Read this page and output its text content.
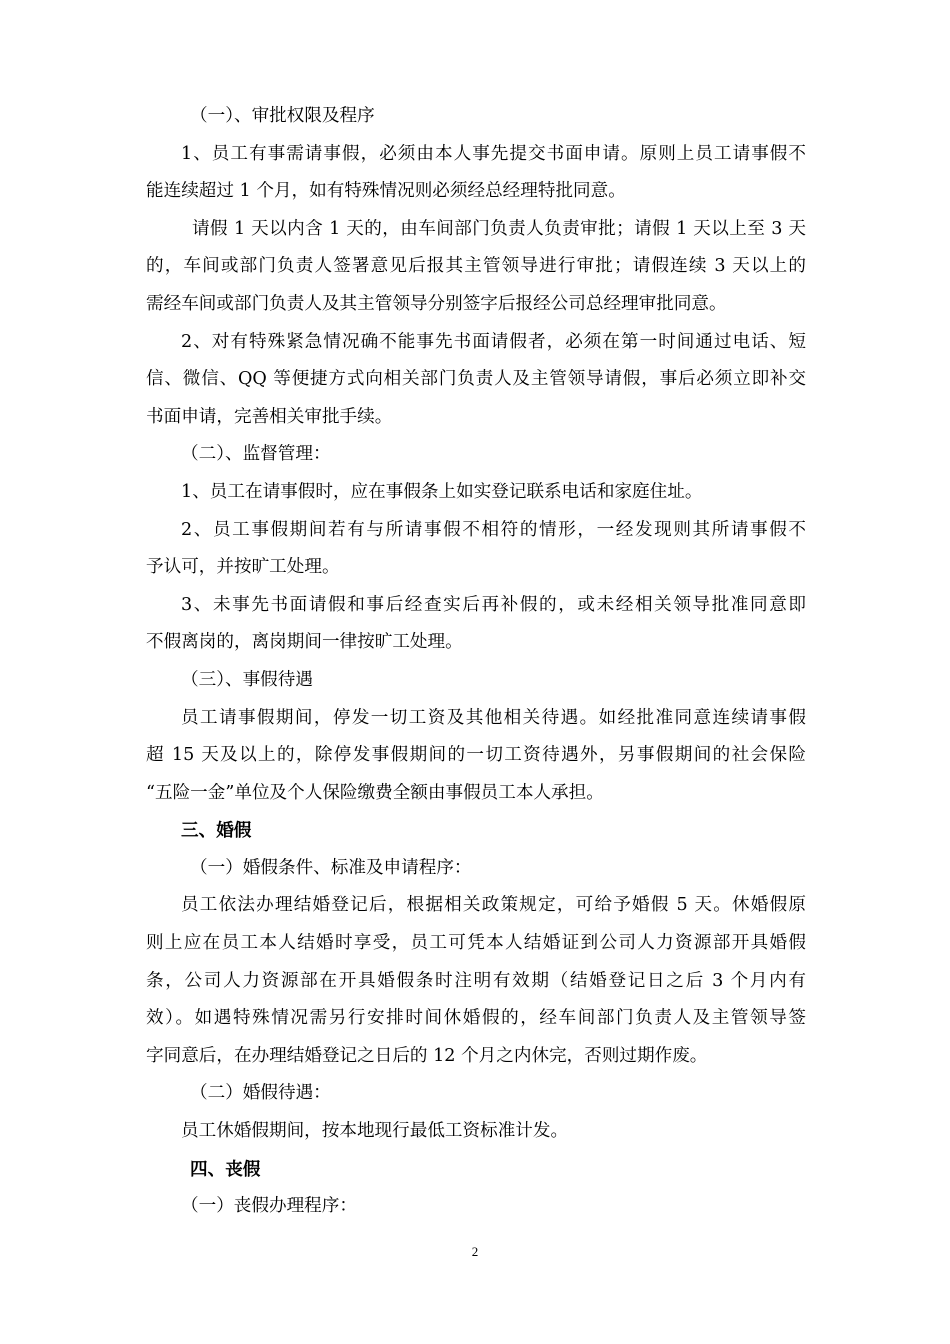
（一）、审批权限及程序
1、员工有事需请事假，必须由本人事先提交书面申请。原则上员工请事假不
能连续超过 1 个月，如有特殊情况则必须经总经理特批同意。
请假 1 天以内含 1 天的，由车间部门负责人负责审批；请假 1 天以上至 3 天
的，车间或部门负责人签署意见后报其主管领导进行审批；请假连续 3 天以上的
需经车间或部门负责人及其主管领导分别签字后报经公司总经理审批同意。
2、对有特殊紧急情况确不能事先书面请假者，必须在第一时间通过电话、短
信、微信、QQ 等便捷方式向相关部门负责人及主管领导请假，事后必须立即补交
书面申请，完善相关审批手续。
（二）、监督管理：
1、员工在请事假时，应在事假条上如实登记联系电话和家庭住址。
2、员工事假期间若有与所请事假不相符的情形，一经发现则其所请事假不
予认可，并按旷工处理。
3、未事先书面请假和事后经查实后再补假的，或未经相关领导批准同意即
不假离岗的，离岗期间一律按旷工处理。
（三）、事假待遇
员工请事假期间，停发一切工资及其他相关待遇。如经批准同意连续请事假
超 15 天及以上的，除停发事假期间的一切工资待遇外，另事假期间的社会保险
“五险一金”单位及个人保险缴费全额由事假员工本人承担。
三、婚假
（一）婚假条件、标准及申请程序：
员工依法办理结婚登记后，根据相关政策规定，可给予婚假 5 天。休婚假原
则上应在员工本人结婚时享受，员工可凭本人结婚证到公司人力资源部开具婚假
条，公司人力资源部在开具婚假条时注明有效期（结婚登记日之后 3 个月内有
效）。如遇特殊情况需另行安排时间休婚假的，经车间部门负责人及主管领导签
字同意后，在办理结婚登记之日后的 12 个月之内休完，否则过期作废。
（二）婚假待遇：
员工休婚假期间，按本地现行最低工资标准计发。
四、丧假
（一）丧假办理程序：
2
